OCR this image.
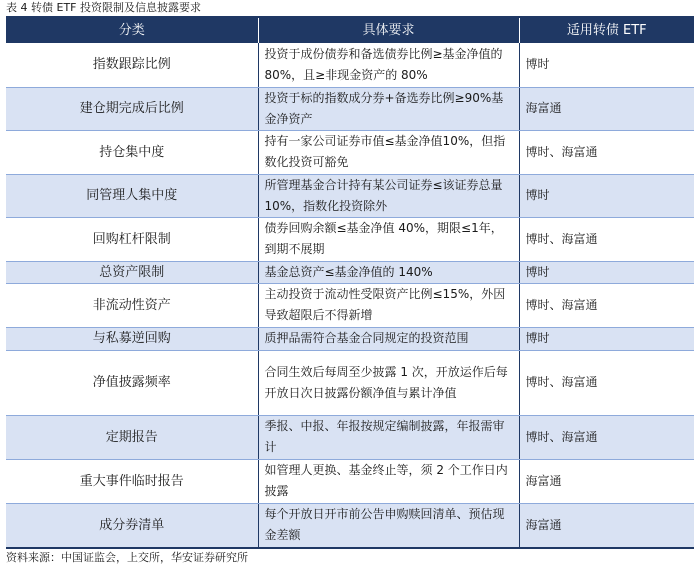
表 4 转债 ETF 投资限制及信息披露要求
分类	具体要求	适用转债 ETF
指数跟踪比例	投资于成份债券和备选债券比例≥基金净值的 80%，且≥非现金资产的 80%	博时
建仓期完成后比例	投资于标的指数成分券+备选券比例≥90%基金净资产	海富通
持仓集中度	持有一家公司证券市值≤基金净值10%，但指数化投资可豁免	博时、海富通
同管理人集中度	所管理基金合计持有某公司证券≤该证券总量 10%，指数化投资除外	博时
回购杠杆限制	债券回购余额≤基金净值 40%，期限≤1年，到期不展期	博时、海富通
总资产限制	基金总资产≤基金净值的 140%	博时
非流动性资产	主动投资于流动性受限资产比例≤15%，外因导致超限后不得新增	博时、海富通
与私募逆回购	质押品需符合基金合同规定的投资范围	博时
净值披露频率	合同生效后每周至少披露 1 次，开放运作后每开放日次日披露份额净值与累计净值	博时、海富通
定期报告	季报、中报、年报按规定编制披露，年报需审计	博时、海富通
重大事件临时报告	如管理人更换、基金终止等，须 2 个工作日内披露	海富通
成分券清单	每个开放日开市前公告申购赎回清单、预估现金差额	海富通
资料来源：中国证监会，上交所，华安证券研究所
